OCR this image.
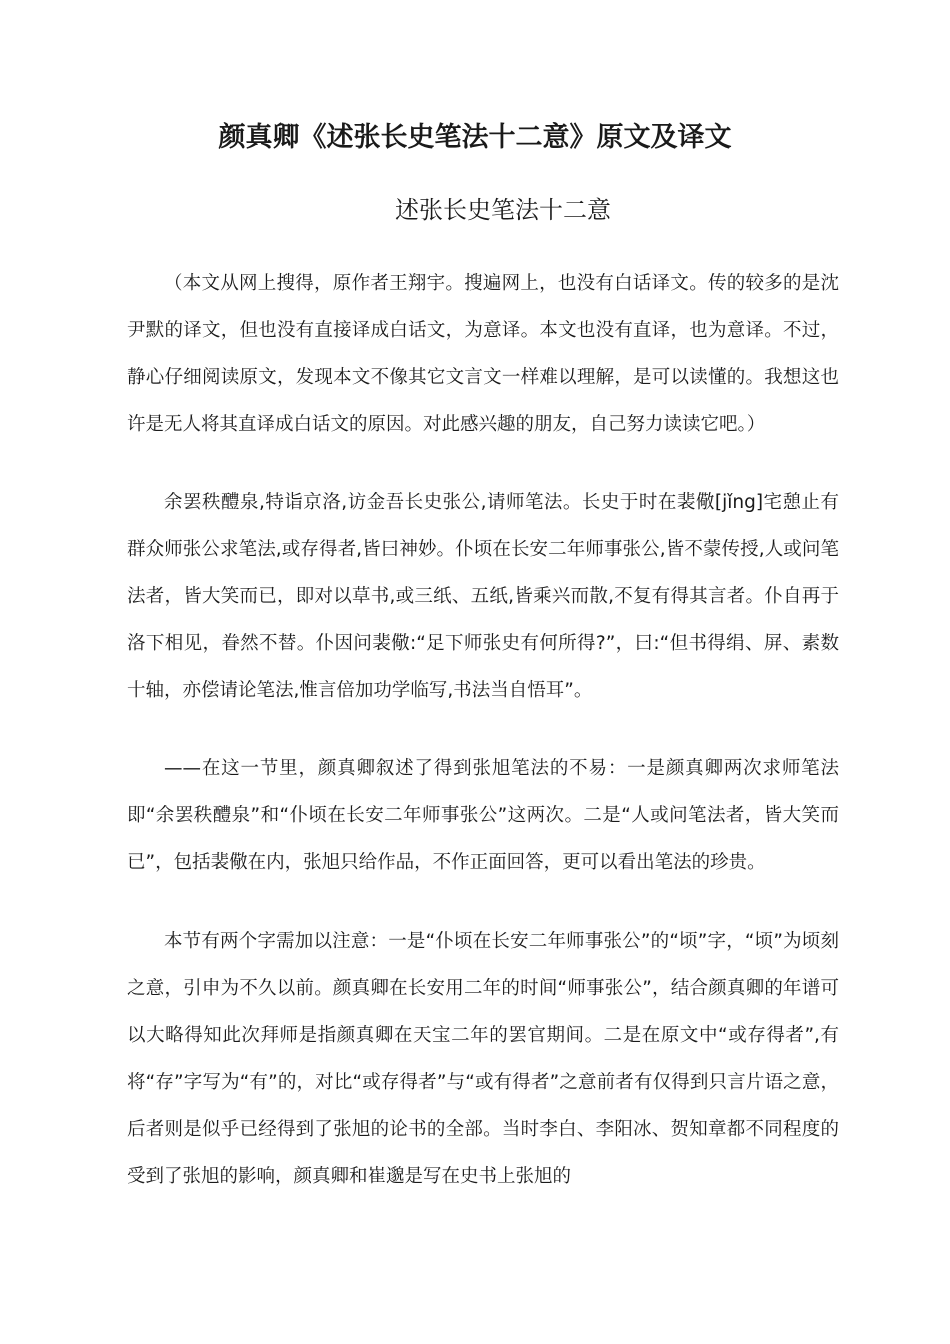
颜真卿《述张长史笔法十二意》原文及译文
述张长史笔法十二意

（本文从网上搜得，原作者王翔宇。搜遍网上，也没有白话译文。传的较多的是沈尹默的译文，但也没有直接译成白话文，为意译。本文也没有直译，也为意译。不过，静心仔细阅读原文，发现本文不像其它文言文一样难以理解，是可以读懂的。我想这也许是无人将其直译成白话文的原因。对此感兴趣的朋友，自己努力读读它吧。）

余罢秩醴泉,特诣京洛,访金吾长史张公,请师笔法。长史于时在裴儆[jǐng]宅憩止有群众师张公求笔法,或存得者,皆曰神妙。仆顷在长安二年师事张公,皆不蒙传授,人或问笔法者，皆大笑而已，即对以草书,或三纸、五纸,皆乘兴而散,不复有得其言者。仆自再于洛下相见，眷然不替。仆因问裴儆:“足下师张史有何所得?”，曰:“但书得绢、屏、素数十轴，亦偿请论笔法,惟言倍加功学临写,书法当自悟耳”。

——在这一节里，颜真卿叙述了得到张旭笔法的不易：一是颜真卿两次求师笔法即“余罢秩醴泉”和“仆顷在长安二年师事张公”这两次。二是“人或问笔法者，皆大笑而已”，包括裴儆在内，张旭只给作品，不作正面回答，更可以看出笔法的珍贵。

本节有两个字需加以注意：一是“仆顷在长安二年师事张公”的“顷”字，“顷”为顷刻之意，引申为不久以前。颜真卿在长安用二年的时间“师事张公”，结合颜真卿的年谱可以大略得知此次拜师是指颜真卿在天宝二年的罢官期间。二是在原文中“或存得者”,有将“存”字写为“有”的，对比“或存得者”与“或有得者”之意前者有仅得到只言片语之意，后者则是似乎已经得到了张旭的论书的全部。当时李白、李阳冰、贺知章都不同程度的受到了张旭的影响，颜真卿和崔邈是写在史书上张旭的
